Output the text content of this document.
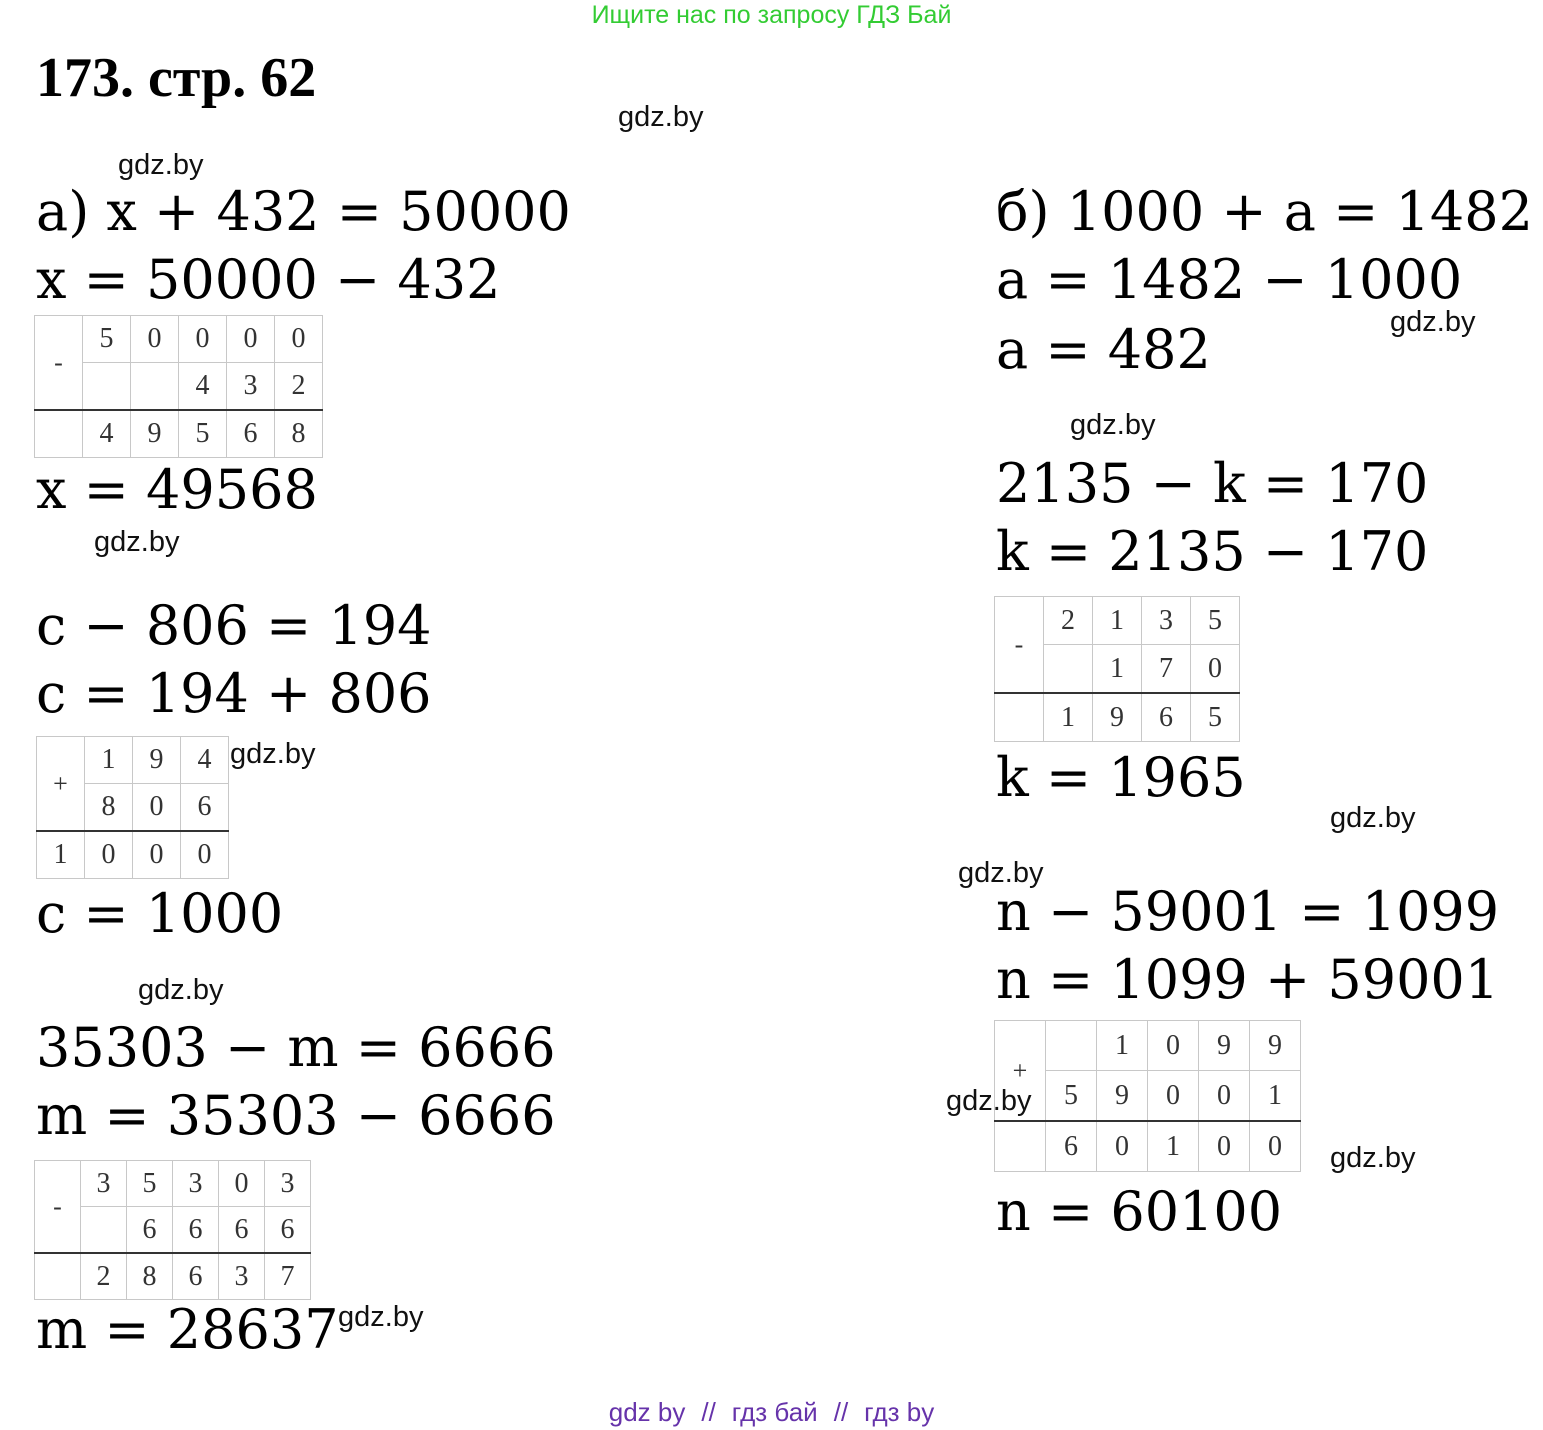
Ищите нас по запросу ГДЗ Бай
173. стр. 62
gdz.by
gdz.by
gdz.by
gdz.by
gdz.by
gdz.by
gdz.by
gdz.by
gdz.by
gdz.by
gdz.by
gdz.by
а) x + 432 = 50000
x = 50000 − 432
-	5	0	0	0	0
			4	3	2
	4	9	5	6	8
x = 49568
c − 806 = 194
c = 194 + 806
+	1	9	4
	8	0	6
1	0	0	0
c = 1000
35303 − m = 6666
m = 35303 − 6666
-	3	5	3	0	3
		6	6	6	6
	2	8	6	3	7
m = 28637
б) 1000 + a = 1482
a = 1482 − 1000
a = 482
2135 − k = 170
k = 2135 − 170
-	2	1	3	5
		1	7	0
	1	9	6	5
k = 1965
n − 59001 = 1099
n = 1099 + 59001
+		1	0	9	9
	5	9	0	0	1
	6	0	1	0	0
n = 60100
gdz by // гдз бай // гдз by
